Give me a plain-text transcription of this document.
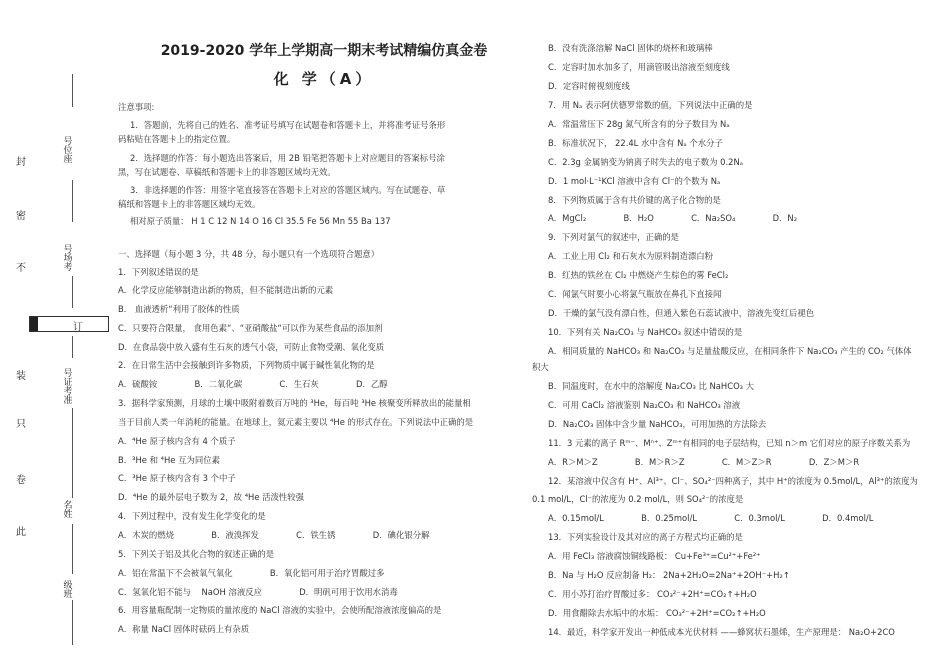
号位座
号场考
号证考准
名姓
级班
封
密
不
订
装
只
卷
此
2019-2020 学年上学期高一期末考试精编仿真金卷
化 学（A）
注意事项:
1．答题前，先将自己的姓名、准考证号填写在试题卷和答题卡上，并将准考证号条形
码粘贴在答题卡上的指定位置。
2．选择题的作答：每小题选出答案后，用 2B 铅笔把答题卡上对应题目的答案标号涂
黑，写在试题卷、草稿纸和答题卡上的非答题区域均无效。
3．非选择题的作答：用签字笔直接答在答题卡上对应的答题区域内。写在试题卷、草
稿纸和答题卡上的非答题区域均无效。
相对原子质量： H 1 C 12 N 14 O 16 Cl 35.5 Fe 56 Mn 55 Ba 137
一、选择题（每小题 3 分，共 48 分，每小题只有一个选项符合题意）
1．下列叙述错误的是
A．化学反应能够制造出新的物质，但不能制造出新的元素
B． 血液透析“利用了胶体的性质
C．只要符合限量， 食用色素“、“亚硝酸盐“可以作为某些食品的添加剂
D．在食品袋中放入盛有生石灰的透气小袋，可防止食物受潮、氧化变质
2．在日常生活中会接触到许多物质，下列物质中属于碱性氧化物的是
A．硫酸铵              B．二氧化碳              C．生石灰              D．乙醇
3．据科学家预测，月球的土壤中吸附着数百万吨的 ³He，每百吨 ³He 核聚变所释放出的能量相
当于目前人类一年消耗的能量。在地球上，氦元素主要以 ⁴He 的形式存在。下列说法中正确的是
A．⁴He 原子核内含有 4 个质子
B．³He 和 ⁴He 互为同位素
C．³He 原子核内含有 3 个中子
D．⁴He 的最外层电子数为 2，故 ⁴He 活泼性较强
4．下列过程中，没有发生化学变化的是
A．木炭的燃烧              B．液溴挥发              C．铁生锈              D．碘化银分解
5．下列关于铝及其化合物的叙述正确的是
A．铝在常温下不会被氧气氧化              B．氧化铝可用于治疗胃酸过多
C．氢氧化铝不能与    NaOH 溶液反应              D．明矾可用于饮用水消毒
6．用容量瓶配制一定物质的量浓度的 NaCl 溶液的实验中，会使所配溶液浓度偏高的是
A．称量 NaCl 固体时砝码上有杂质
B．没有洗涤溶解 NaCl 固体的烧杯和玻璃棒
C．定容时加水加多了，用滴管吸出溶液至刻度线
D．定容时俯视刻度线
7．用 Nₐ 表示阿伏德罗常数的值，下列说法中正确的是
A．常温常压下 28g 氮气所含有的分子数目为 Nₐ
B．标准状况下， 22.4L 水中含有 Nₐ 个水分子
C．2.3g 金属钠变为钠离子时失去的电子数为 0.2Nₐ
D．1 mol·L⁻¹KCl 溶液中含有 Cl⁻的个数为 Nₐ
8．下列物质属于含有共价键的离子化合物的是
A．MgCl₂              B．H₂O              C．Na₂SO₄              D．N₂
9．下列对氯气的叙述中，正确的是
A．工业上用 Cl₂ 和石灰水为原料制造漂白粉
B．红热的铁丝在 Cl₂ 中燃烧产生棕色的雾 FeCl₂
C．闻氯气时要小心将氯气瓶放在鼻孔下直接闻
D．干燥的氯气没有漂白性，但通入紫色石蕊试液中，溶液先变红后褪色
10．下列有关 Na₂CO₃ 与 NaHCO₃ 叙述中错误的是
A．相同质量的 NaHCO₃ 和 Na₂CO₃ 与足量盐酸反应，在相同条件下 Na₂CO₃ 产生的 CO₂ 气体体
积大
B．同温度时，在水中的溶解度 Na₂CO₃ 比 NaHCO₃ 大
C．可用 CaCl₂ 溶液鉴别 Na₂CO₃ 和 NaHCO₃ 溶液
D．Na₂CO₃ 固体中含少量 NaHCO₃，可用加热的方法除去
11．3 元素的离子 Rᵐ⁻、Mⁿ⁺、Zᵐ⁺有相同的电子层结构，已知 n＞m 它们对应的原子序数关系为
A．R＞M＞Z              B．M＞R＞Z              C．M＞Z＞R              D．Z＞M＞R
12．某溶液中仅含有 H⁺、Al³⁺、Cl⁻、SO₄²⁻四种离子，其中 H⁺的浓度为 0.5mol/L，Al³⁺的浓度为
0.1 mol/L，Cl⁻的浓度为 0.2 mol/L，则 SO₄²⁻的浓度是
A．0.15mol/L              B．0.25mol/L              C．0.3mol/L              D．0.4mol/L
13．下列实验设计及其对应的离子方程式均正确的是
A．用 FeCl₃ 溶液腐蚀铜线路板： Cu+Fe³⁺=Cu²⁺+Fe²⁺
B．Na 与 H₂O 反应制备 H₂： 2Na+2H₂O=2Na⁺+2OH⁻+H₂↑
C．用小苏打治疗胃酸过多： CO₃²⁻+2H⁺=CO₂↑+H₂O
D．用食醋除去水垢中的水垢： CO₃²⁻+2H⁺=CO₂↑+H₂O
14．最近，科学家开发出一种低成本光伏材料 ——蜂窝状石墨烯，生产原理是： Na₂O+2CO
